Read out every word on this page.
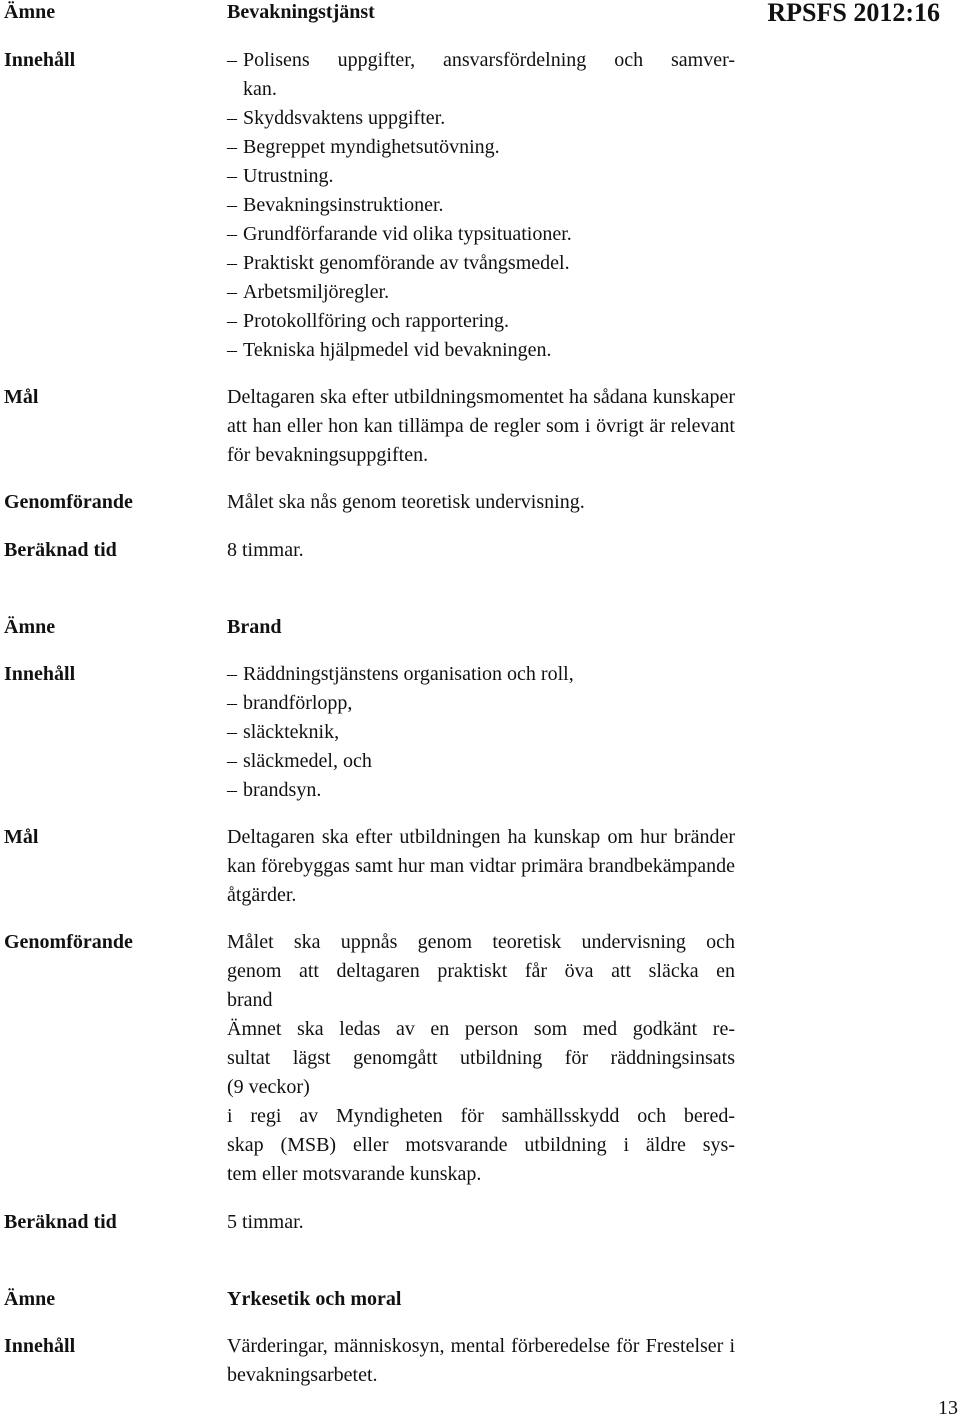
Ämne	Bevakningstjänst	RPSFS 2012:16
Innehåll	– Polisens uppgifter, ansvarsfördelning och samver-
kan.
– Skyddsvaktens uppgifter.
– Begreppet myndighetsutövning.
– Utrustning.
– Bevakningsinstruktioner.
– Grundförfarande vid olika typsituationer.
– Praktiskt genomförande av tvångsmedel.
– Arbetsmiljöregler.
– Protokollföring och rapportering.
– Tekniska hjälpmedel vid bevakningen.
Mål	Deltagaren ska efter utbildningsmomentet ha sådana kunskaper att han eller hon kan tillämpa de regler som i övrigt är relevant för bevakningsuppgiften.
Genomförande	Målet ska nås genom teoretisk undervisning.
Beräknad tid	8 timmar.
Ämne	Brand
Innehåll	– Räddningstjänstens organisation och roll,
– brandförlopp,
– släckteknik,
– släckmedel, och
– brandsyn.
Mål	Deltagaren ska efter utbildningen ha kunskap om hur bränder kan förebyggas samt hur man vidtar primära brandbekämpande åtgärder.
Genomförande	Målet ska uppnås genom teoretisk undervisning och
genom att deltagaren praktiskt får öva att släcka en
brand
Ämnet ska ledas av en person som med godkänt re-
sultat lägst genomgått utbildning för räddningsinsats
(9 veckor)
i regi av Myndigheten för samhällsskydd och bered-
skap (MSB) eller motsvarande utbildning i äldre sys-
tem eller motsvarande kunskap.
Beräknad tid	5 timmar.
Ämne	Yrkesetik och moral
Innehåll	Värderingar, människosyn, mental förberedelse för Frestelser i bevakningsarbetet.
13
